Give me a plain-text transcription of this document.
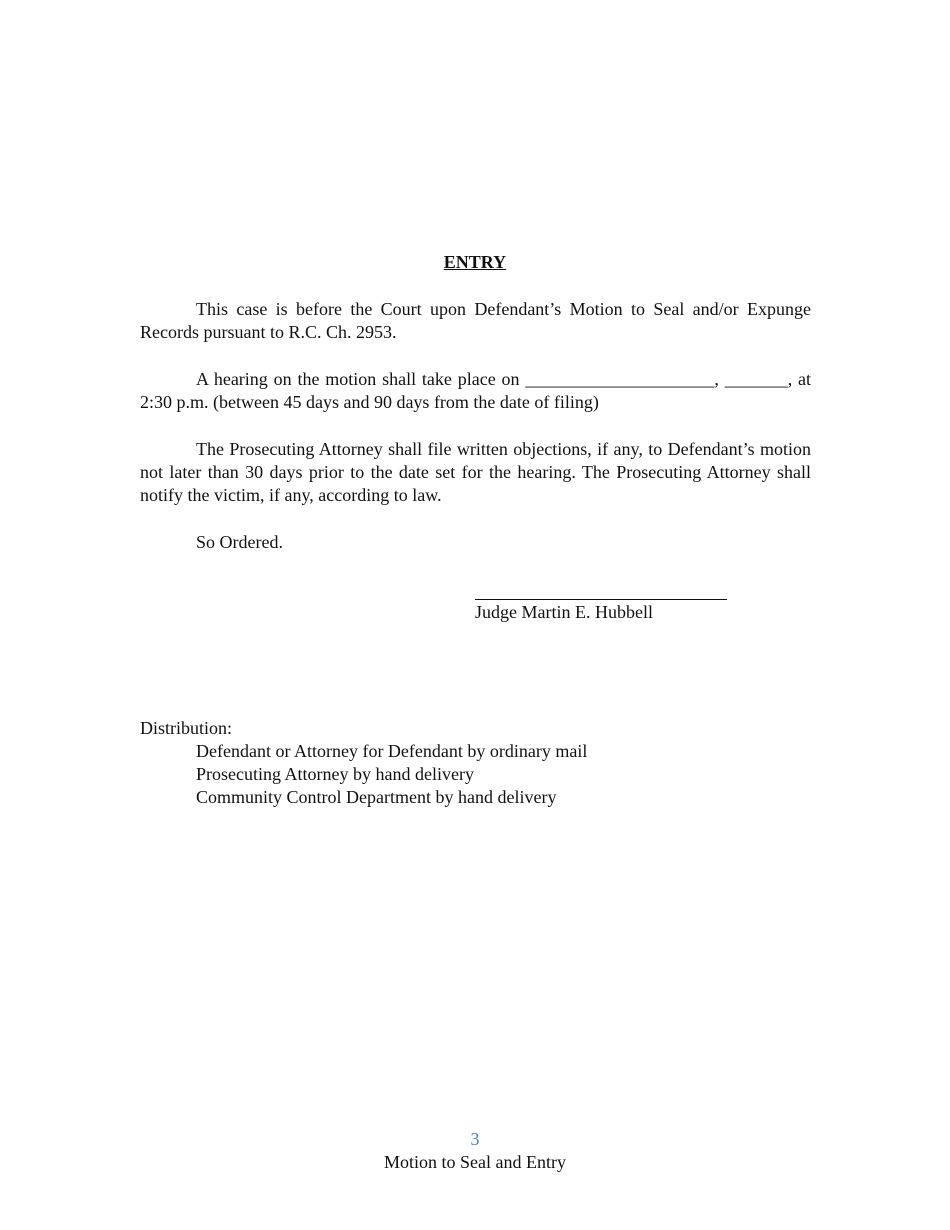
ENTRY

This case is before the Court upon Defendant’s Motion to Seal and/or Expunge Records pursuant to R.C. Ch. 2953.

A hearing on the motion shall take place on _____________________, _______, at 2:30 p.m. (between 45 days and 90 days from the date of filing)

The Prosecuting Attorney shall file written objections, if any, to Defendant’s motion not later than 30 days prior to the date set for the hearing. The Prosecuting Attorney shall notify the victim, if any, according to law.

So Ordered.

Judge Martin E. Hubbell
Distribution:
Defendant or Attorney for Defendant by ordinary mail
Prosecuting Attorney by hand delivery
Community Control Department by hand delivery
3
Motion to Seal and Entry
